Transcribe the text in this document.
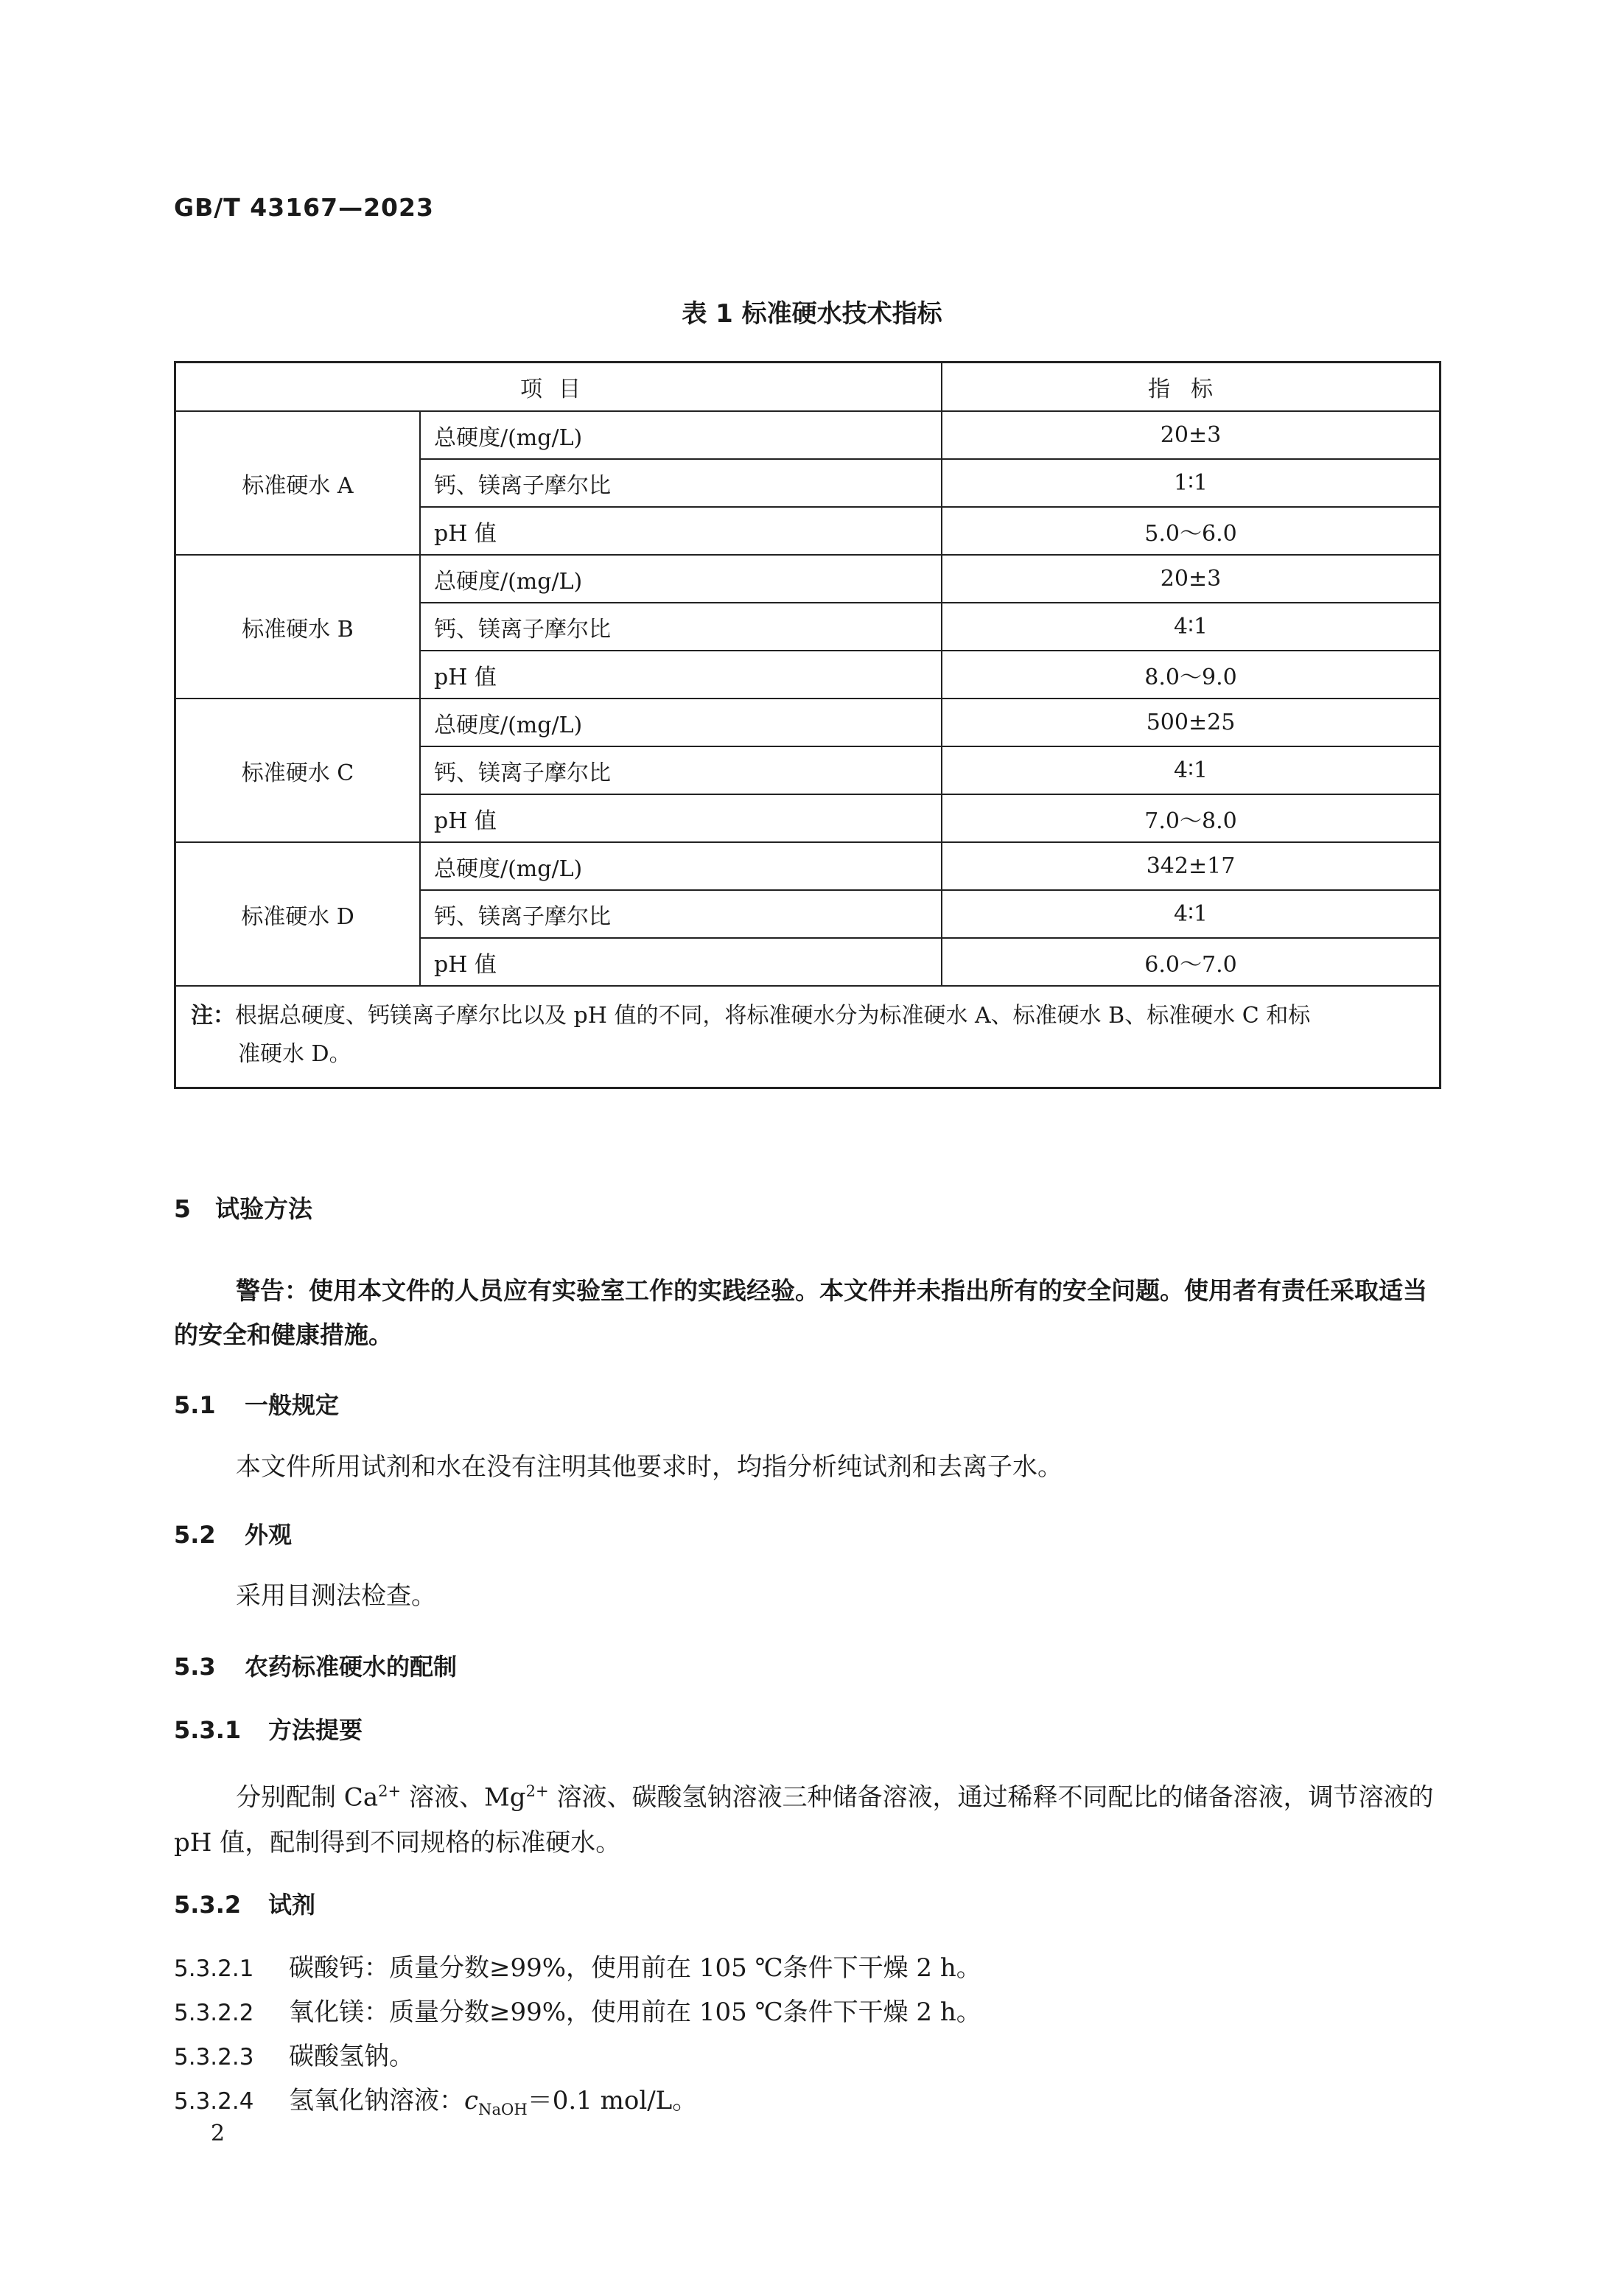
GB/T 43167—2023
表 1 标准硬水技术指标
项目		指标
标准硬水 A	总硬度/(mg/L)	20±3
	钙、镁离子摩尔比	1∶1
	pH 值	5.0～6.0
标准硬水 B	总硬度/(mg/L)	20±3
	钙、镁离子摩尔比	4∶1
	pH 值	8.0～9.0
标准硬水 C	总硬度/(mg/L)	500±25
	钙、镁离子摩尔比	4∶1
	pH 值	7.0～8.0
标准硬水 D	总硬度/(mg/L)	342±17
	钙、镁离子摩尔比	4∶1
	pH 值	6.0～7.0

注：根据总硬度、钙镁离子摩尔比以及 pH 值的不同，将标准硬水分为标准硬水 A、标准硬水 B、标准硬水 C 和标
准硬水 D。		
5 试验方法
警告：使用本文件的人员应有实验室工作的实践经验。本文件并未指出所有的安全问题。使用者有责任采取适当的安全和健康措施。
5.1 一般规定
本文件所用试剂和水在没有注明其他要求时，均指分析纯试剂和去离子水。
5.2 外观
采用目测法检查。
5.3 农药标准硬水的配制
5.3.1 方法提要
分别配制 $Ca^{2+}$ 溶液、$Mg^{2+}$ 溶液、碳酸氢钠溶液三种储备溶液，通过稀释不同配比的储备溶液，调节溶液的 pH 值，配制得到不同规格的标准硬水。
5.3.2 试剂
5.3.2.1 碳酸钙：质量分数≥99%，使用前在 105 ℃条件下干燥 2 h。
5.3.2.2 氧化镁：质量分数≥99%，使用前在 105 ℃条件下干燥 2 h。
5.3.2.3 碳酸氢钠。
5.3.2.4 氢氧化钠溶液：$c_{NaOH}=0.1$ mol/L。
2
